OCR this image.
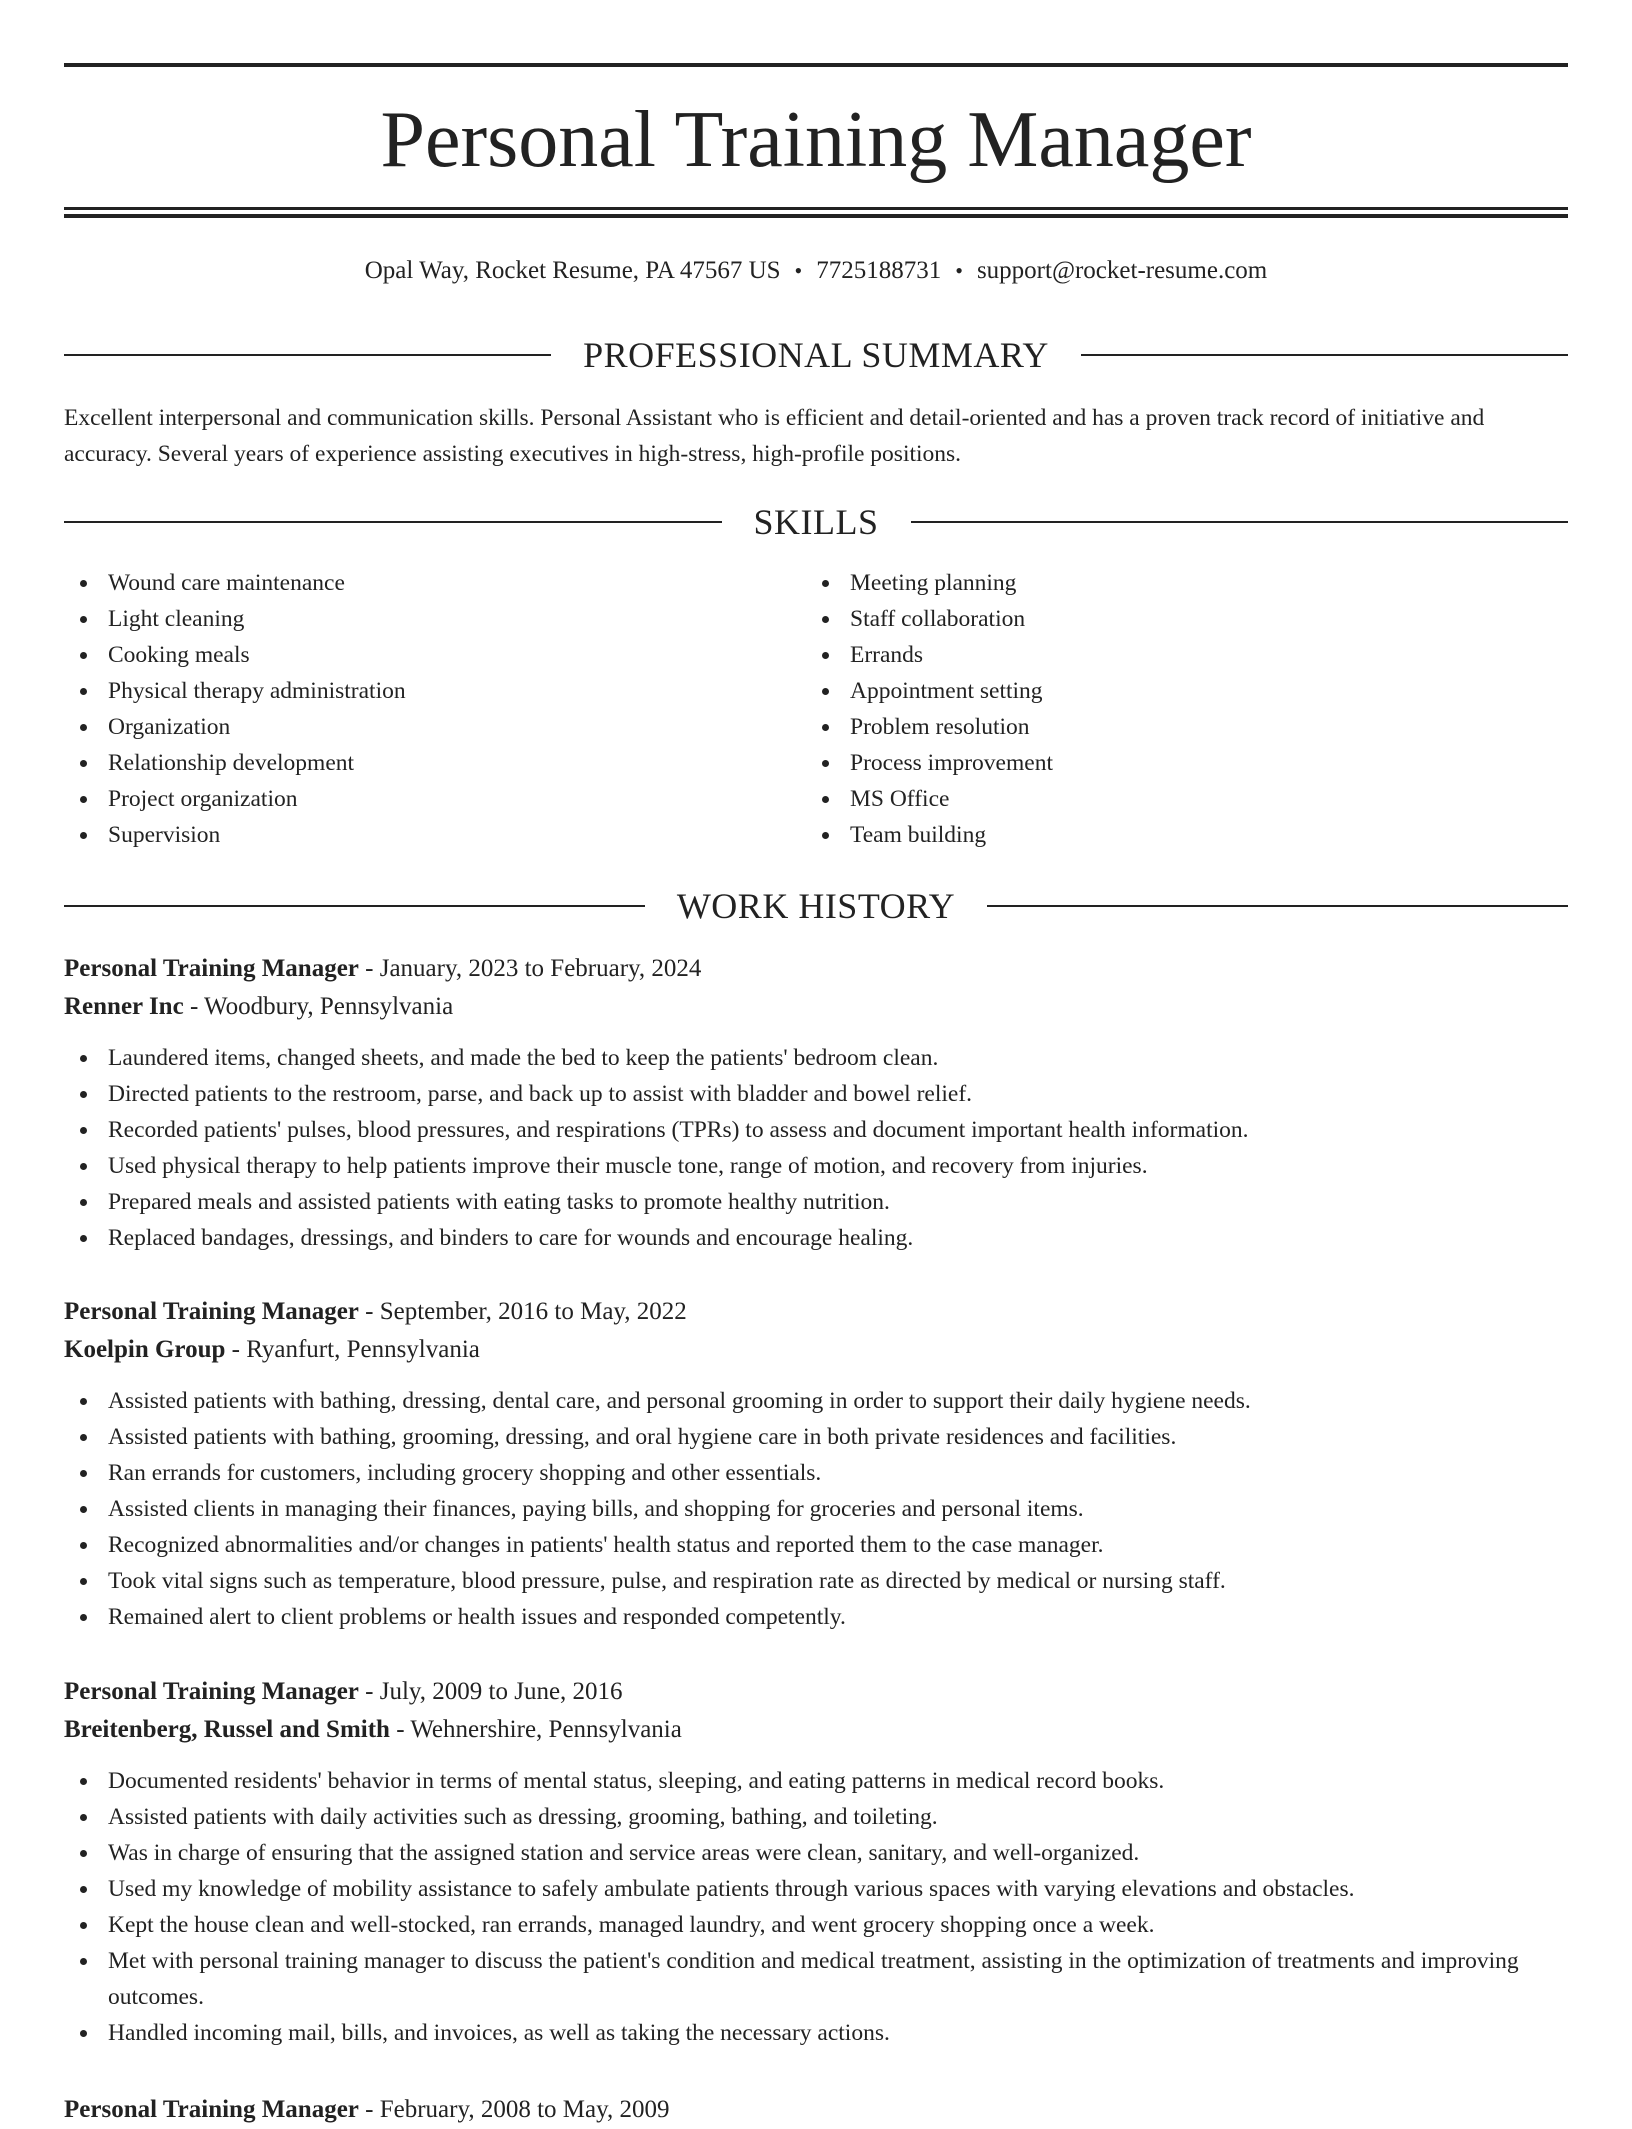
Personal Training Manager
Opal Way, Rocket Resume, PA 47567 US • 7725188731 • support@rocket-resume.com
PROFESSIONAL SUMMARY

Excellent interpersonal and communication skills. Personal Assistant who is efficient and detail-oriented and has a proven track record of initiative and accuracy. Several years of experience assisting executives in high-stress, high-profile positions.

SKILLS
Wound care maintenance
Light cleaning
Cooking meals
Physical therapy administration
Organization
Relationship development
Project organization
Supervision
Meeting planning
Staff collaboration
Errands
Appointment setting
Problem resolution
Process improvement
MS Office
Team building
WORK HISTORY
Personal Training Manager - January, 2023 to February, 2024
Renner Inc - Woodbury, Pennsylvania
Laundered items, changed sheets, and made the bed to keep the patients' bedroom clean.
Directed patients to the restroom, parse, and back up to assist with bladder and bowel relief.
Recorded patients' pulses, blood pressures, and respirations (TPRs) to assess and document important health information.
Used physical therapy to help patients improve their muscle tone, range of motion, and recovery from injuries.
Prepared meals and assisted patients with eating tasks to promote healthy nutrition.
Replaced bandages, dressings, and binders to care for wounds and encourage healing.
Personal Training Manager - September, 2016 to May, 2022
Koelpin Group - Ryanfurt, Pennsylvania
Assisted patients with bathing, dressing, dental care, and personal grooming in order to support their daily hygiene needs.
Assisted patients with bathing, grooming, dressing, and oral hygiene care in both private residences and facilities.
Ran errands for customers, including grocery shopping and other essentials.
Assisted clients in managing their finances, paying bills, and shopping for groceries and personal items.
Recognized abnormalities and/or changes in patients' health status and reported them to the case manager.
Took vital signs such as temperature, blood pressure, pulse, and respiration rate as directed by medical or nursing staff.
Remained alert to client problems or health issues and responded competently.
Personal Training Manager - July, 2009 to June, 2016
Breitenberg, Russel and Smith - Wehnershire, Pennsylvania
Documented residents' behavior in terms of mental status, sleeping, and eating patterns in medical record books.
Assisted patients with daily activities such as dressing, grooming, bathing, and toileting.
Was in charge of ensuring that the assigned station and service areas were clean, sanitary, and well-organized.
Used my knowledge of mobility assistance to safely ambulate patients through various spaces with varying elevations and obstacles.
Kept the house clean and well-stocked, ran errands, managed laundry, and went grocery shopping once a week.
Met with personal training manager to discuss the patient's condition and medical treatment, assisting in the optimization of treatments and improving outcomes.
Handled incoming mail, bills, and invoices, as well as taking the necessary actions.
Personal Training Manager - February, 2008 to May, 2009
